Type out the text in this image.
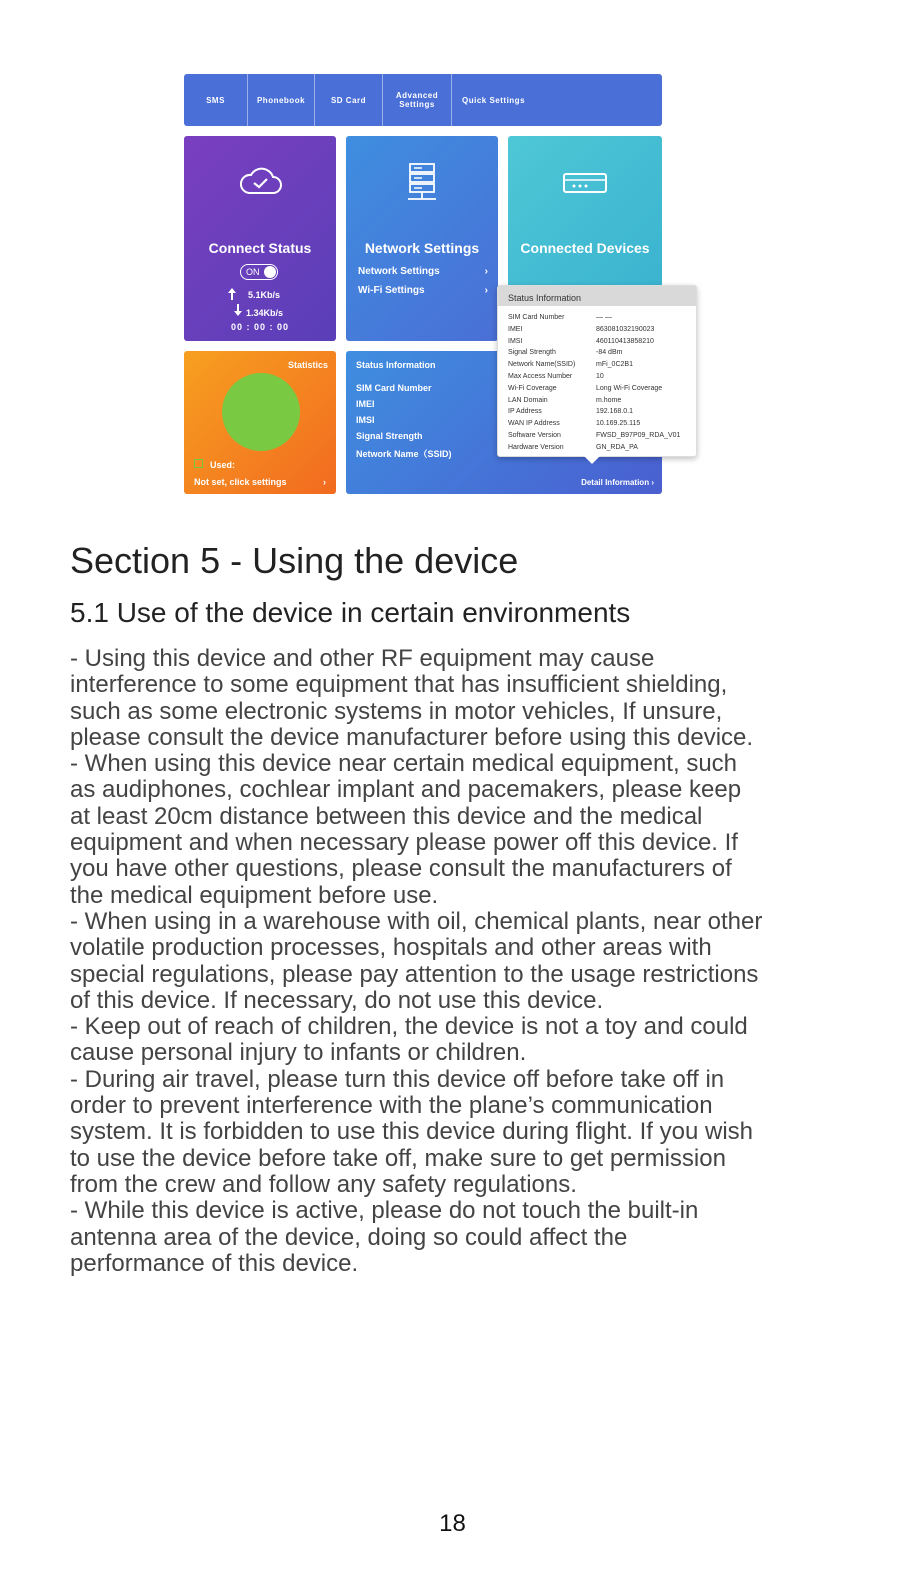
SMS	Phonebook	SD Card	Advanced Settings	Quick Settings
Connect Status
ON
5.1Kb/s
1.34Kb/s
00 : 00 : 00
Network Settings
Network Settings	›
Wi-Fi Settings	›
Connected Devices
Statistics
Used:
Not set, click settings	›
Status Information
SIM Card Number
IMEI
IMSI
Signal Strength
Network Name（SSID)
Detail Information ›
Status Information
SIM Card Number	— —
IMEI	863081032190023
IMSI	460110413858210
Signal Strength	-84 dBm
Network Name(SSID)	mFi_0C2B1
Max Access Number	10
Wi-Fi Coverage	Long Wi-Fi Coverage
LAN Domain	m.home
IP Address	192.168.0.1
WAN IP Address	10.169.25.115
Software Version	FWSD_B97P09_RDA_V01
Hardware Version	GN_RDA_PA
Section 5 - Using the device
5.1 Use of the device in certain environments
- Using this device and other RF equipment may cause
interference to some equipment that has insufficient shielding,
such as some electronic systems in motor vehicles, If unsure,
please consult the device manufacturer before using this device.
- When using this device near certain medical equipment, such
as audiphones, cochlear implant and pacemakers, please keep
at least 20cm distance between this device and the medical
equipment and when necessary please power off this device. If
you have other questions, please consult the manufacturers of
the medical equipment before use.
- When using in a warehouse with oil, chemical plants, near other
volatile production processes, hospitals and other areas with
special regulations, please pay attention to the usage restrictions
of this device. If necessary, do not use this device.
- Keep out of reach of children, the device is not a toy and could
cause personal injury to infants or children.
- During air travel, please turn this device off before take off in
order to prevent interference with the plane’s communication
system. It is forbidden to use this device during flight. If you wish
to use the device before take off, make sure to get permission
from the crew and follow any safety regulations.
- While this device is active, please do not touch the built-in
antenna area of the device, doing so could affect the
performance of this device.
18
